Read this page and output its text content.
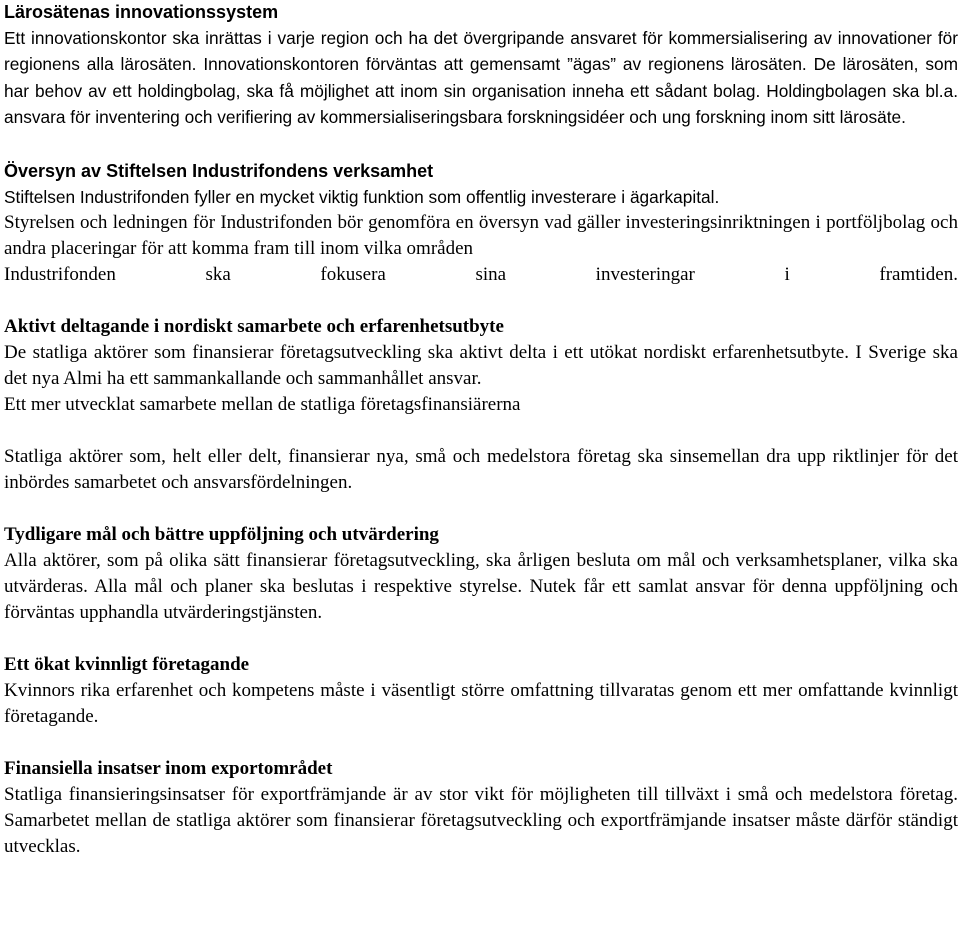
Lärosätenas innovationssystem

Ett innovationskontor ska inrättas i varje region och ha det övergripande ansvaret för kommersialisering av innovationer för regionens alla lärosäten. Innovationskontoren förväntas att gemensamt ”ägas” av regionens lärosäten. De lärosäten, som har behov av ett holdingbolag, ska få möjlighet att inom sin organisation inneha ett sådant bolag. Holdingbolagen ska bl.a. ansvara för inventering och verifiering av kommersialiseringsbara forskningsidéer och ung forskning inom sitt lärosäte.

Översyn av Stiftelsen Industrifondens verksamhet

Stiftelsen Industrifonden fyller en mycket viktig funktion som offentlig investerare i ägarkapital.

Styrelsen och ledningen för Industrifonden bör genomföra en översyn vad gäller investeringsinriktningen i portföljbolag och andra placeringar för att komma fram till inom vilka områden

Industrifonden ska fokusera sina investeringar i framtiden.

Aktivt deltagande i nordiskt samarbete och erfarenhetsutbyte

De statliga aktörer som finansierar företagsutveckling ska aktivt delta i ett utökat nordiskt erfarenhetsutbyte. I Sverige ska det nya Almi ha ett sammankallande och sammanhållet ansvar.

Ett mer utvecklat samarbete mellan de statliga företagsfinansiärerna

Statliga aktörer som, helt eller delt, finansierar nya, små och medelstora företag ska sinsemellan dra upp riktlinjer för det inbördes samarbetet och ansvarsfördelningen.

Tydligare mål och bättre uppföljning och utvärdering

Alla aktörer, som på olika sätt finansierar företagsutveckling, ska årligen besluta om mål och verksamhetsplaner, vilka ska utvärderas. Alla mål och planer ska beslutas i respektive styrelse. Nutek får ett samlat ansvar för denna uppföljning och förväntas upphandla utvärderingstjänsten.

Ett ökat kvinnligt företagande

Kvinnors rika erfarenhet och kompetens måste i väsentligt större omfattning tillvaratas genom ett mer omfattande kvinnligt företagande.

Finansiella insatser inom exportområdet

Statliga finansieringsinsatser för exportfrämjande är av stor vikt för möjligheten till tillväxt i små och medelstora företag. Samarbetet mellan de statliga aktörer som finansierar företagsutveckling och exportfrämjande insatser måste därför ständigt utvecklas.
